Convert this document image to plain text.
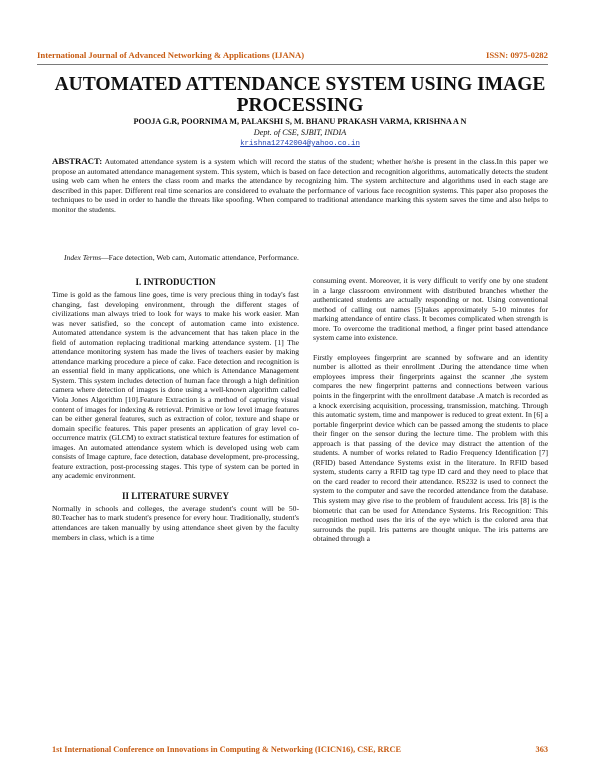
International Journal of Advanced Networking & Applications (IJANA)	ISSN: 0975-0282
AUTOMATED ATTENDANCE SYSTEM USING IMAGE PROCESSING
POOJA G.R, POORNIMA M, PALAKSHI S, M. BHANU PRAKASH VARMA, KRISHNA A N
Dept. of CSE, SJBIT, INDIA
krishna12742004@yahoo.co.in
ABSTRACT: Automated attendance system is a system which will record the status of the student; whether he/she is present in the class.In this paper we propose an automated attendance management system. This system, which is based on face detection and recognition algorithms, automatically detects the student using web cam when he enters the class room and marks the attendance by recognizing him. The system architecture and algorithms used in each stage are described in this paper. Different real time scenarios are considered to evaluate the performance of various face recognition systems. This paper also proposes the techniques to be used in order to handle the threats like spoofing. When compared to traditional attendance marking this system saves the time and also helps to monitor the students.
Index Terms—Face detection, Web cam, Automatic attendance, Performance.
I. INTRODUCTION

Time is gold as the famous line goes, time is very precious thing in today's fast changing, fast developing environment, through the different stages of civilizations man always tried to look for ways to make his work easier. Man was never satisfied, so the concept of automation came into existence. Automated attendance system is the advancement that has taken place in the field of automation replacing traditional marking attendance system. [1] The attendance monitoring system has made the lives of teachers easier by making attendance marking procedure a piece of cake. Face detection and recognition is an essential field in many applications, one which is Attendance Management System. This system includes detection of human face through a high definition camera where detection of images is done using a well-known algorithm called Viola Jones Algorithm [10].Feature Extraction is a method of capturing visual content of images for indexing & retrieval. Primitive or low level image features can be either general features, such as extraction of color, texture and shape or domain specific features. This paper presents an application of gray level co-occurrence matrix (GLCM) to extract statistical texture features for estimation of images. An automated attendance system which is developed using web cam consists of Image capture, face detection, database development, pre-processing, feature extraction, post-processing stages. This type of system can be ported in any academic environment.

II LITERATURE SURVEY

Normally in schools and colleges, the average student's count will be 50-80.Teacher has to mark student's presence for every hour. Traditionally, student's attendances are taken manually by using attendance sheet given by the faculty members in class, which is a time

consuming event. Moreover, it is very difficult to verify one by one student in a large classroom environment with distributed branches whether the authenticated students are actually responding or not. Using conventional method of calling out names [5]takes approximately 5-10 minutes for marking attendance of entire class. It becomes complicated when strength is more. To overcome the traditional method, a finger print based attendance system came into existence.

Firstly employees fingerprint are scanned by software and an identity number is allotted as their enrollment .During the attendance time when employees impress their fingerprints against the scanner ,the system compares the new fingerprint patterns and connections between various points in the fingerprint with the enrollment database .A match is recorded as a knock exercising acquisition, processing, transmission, matching. Through this automatic system, time and manpower is reduced to great extent. In [6] a portable fingerprint device which can be passed among the students to place their finger on the sensor during the lecture time. The problem with this approach is that passing of the device may distract the attention of the students. A number of works related to Radio Frequency Identification [7] (RFID) based Attendance Systems exist in the literature. In RFID based system, students carry a RFID tag type ID card and they need to place that on the card reader to record their attendance. RS232 is used to connect the system to the computer and save the recorded attendance from the database. This system may give rise to the problem of fraudulent access. Iris [8] is the biometric that can be used for Attendance Systems. Iris Recognition: This recognition method uses the iris of the eye which is the colored area that surrounds the pupil. Iris patterns are thought unique. The iris patterns are obtained through a

1st International Conference on Innovations in Computing & Networking (ICICN16), CSE, RRCE	363
